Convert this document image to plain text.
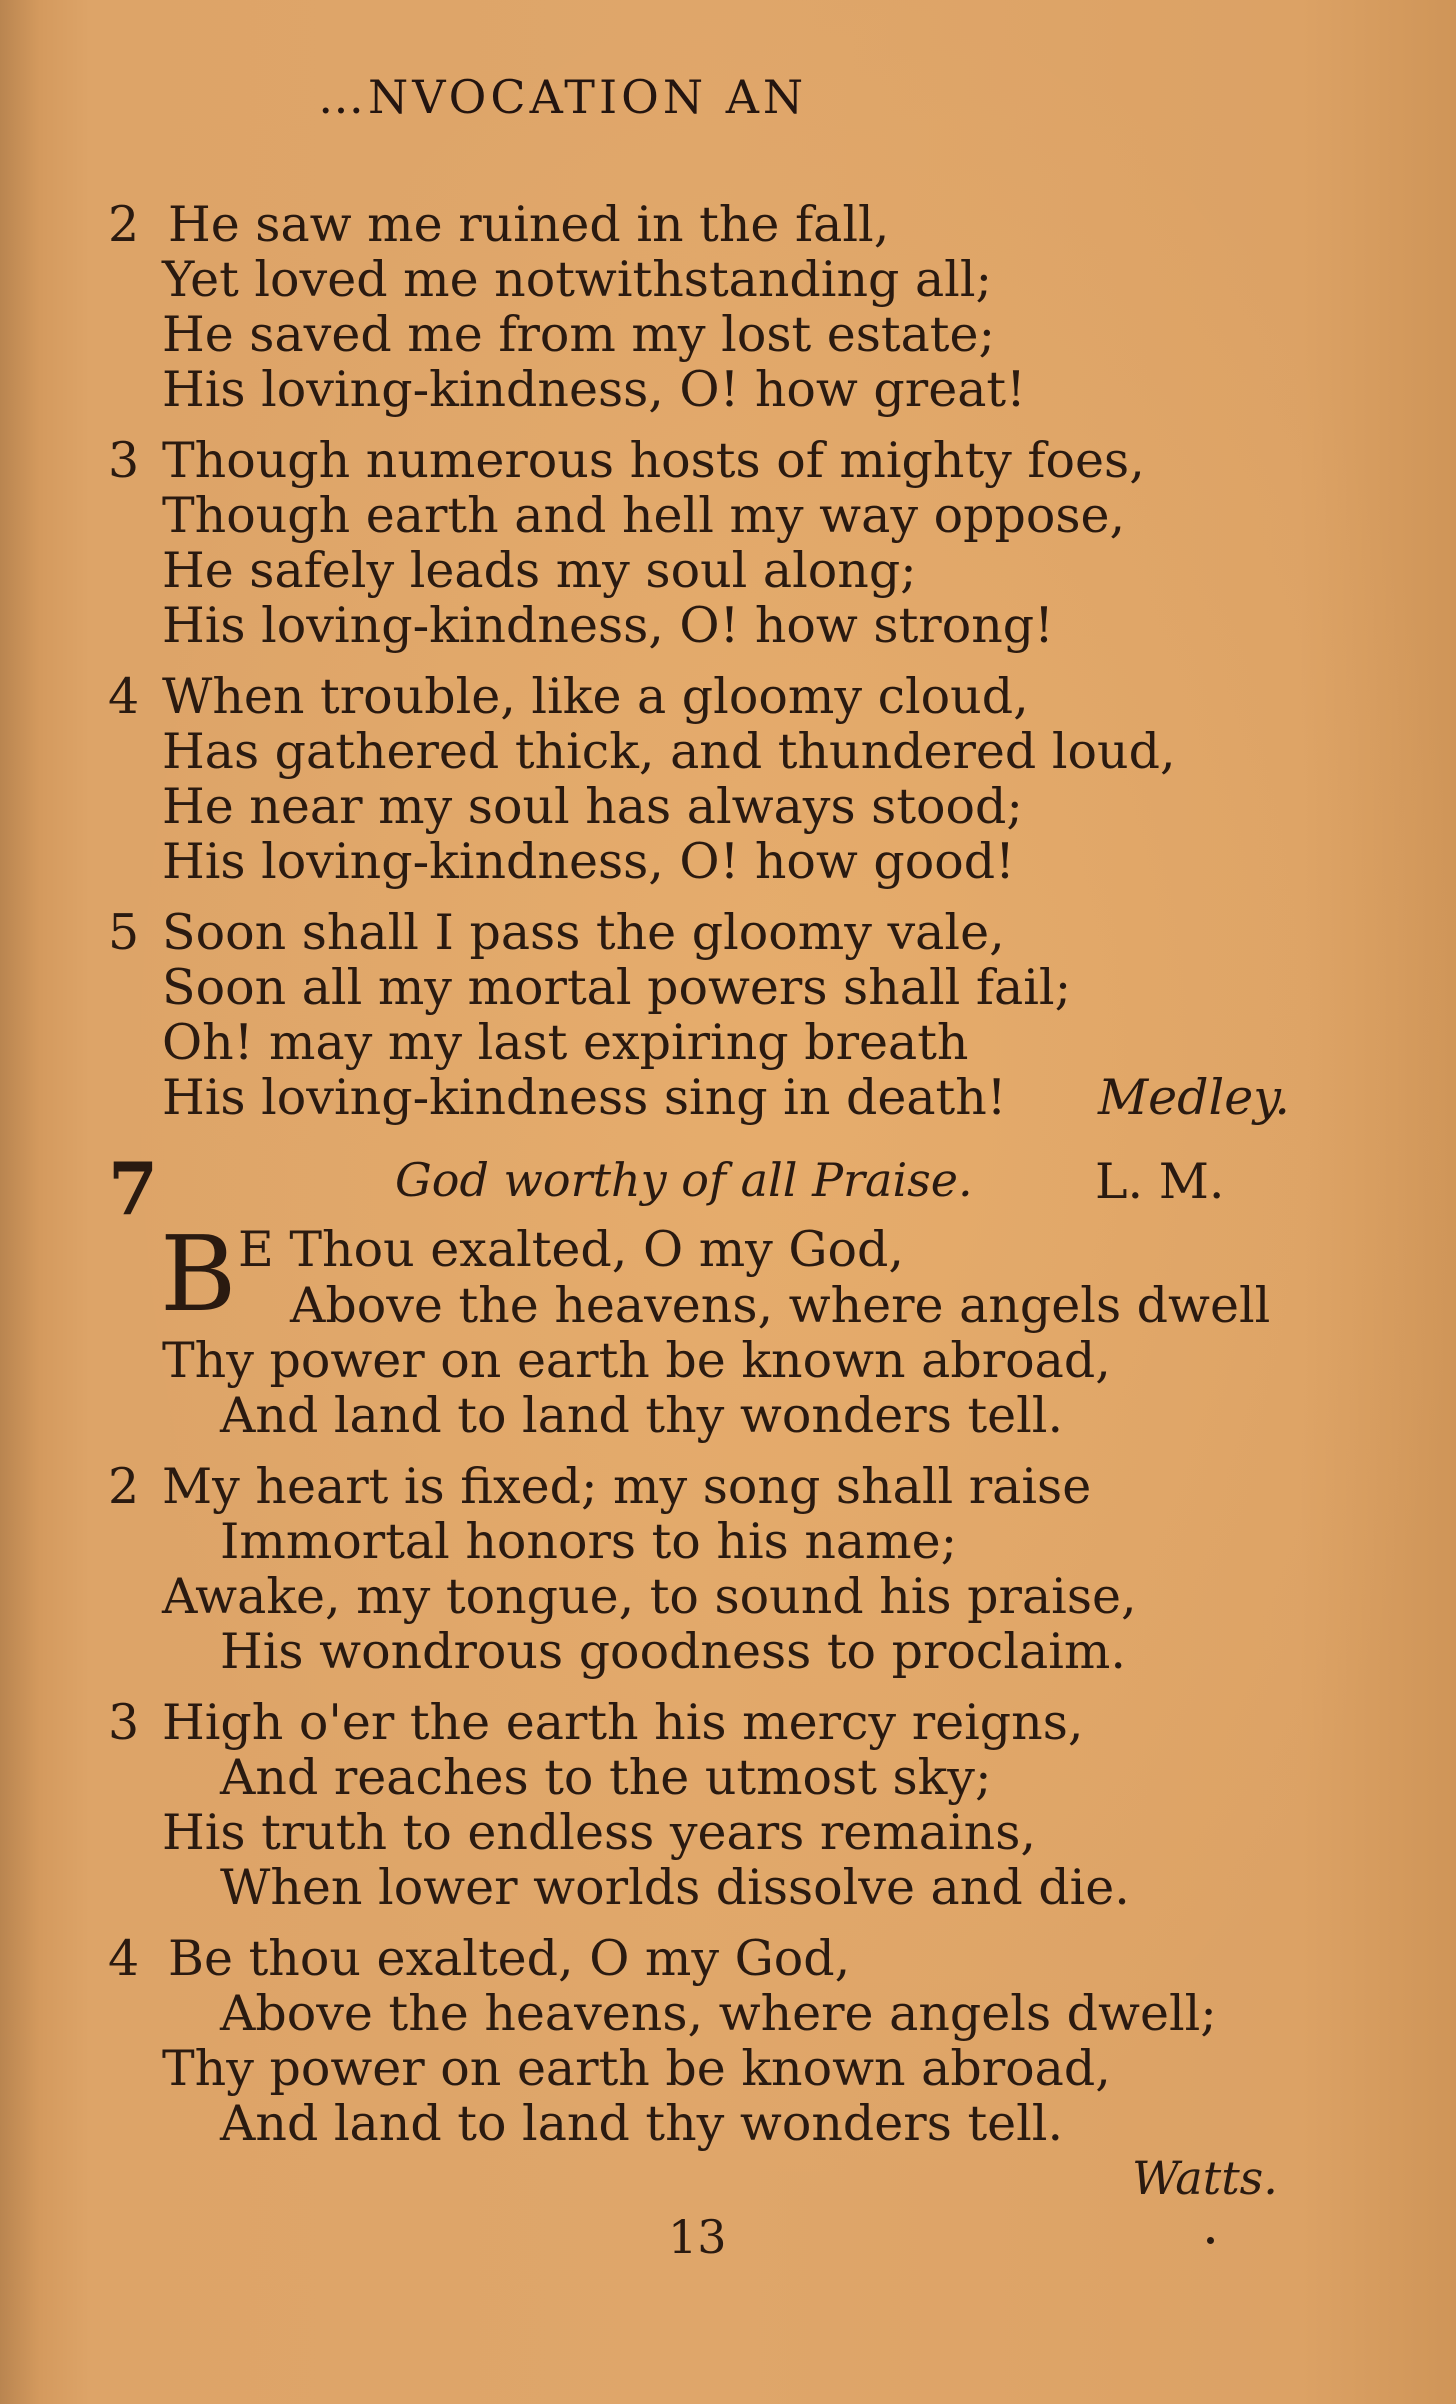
…NVOCATION AN
2 He saw me ruined in the fall,
Yet loved me notwithstanding all;
He saved me from my lost estate;
His loving-kindness, O! how great!
3 Though numerous hosts of mighty foes,
Though earth and hell my way oppose,
He safely leads my soul along;
His loving-kindness, O! how strong!
4 When trouble, like a gloomy cloud,
Has gathered thick, and thundered loud,
He near my soul has always stood;
His loving-kindness, O! how good!
5 Soon shall I pass the gloomy vale,
Soon all my mortal powers shall fail;
Oh! may my last expiring breath
His loving-kindness sing in death! Medley.
7	God worthy of all Praise. L. M.
B E Thou exalted, O my God,
Above the heavens, where angels dwell
Thy power on earth be known abroad,
And land to land thy wonders tell.
2 My heart is fixed; my song shall raise
Immortal honors to his name;
Awake, my tongue, to sound his praise,
His wondrous goodness to proclaim.
3 High o'er the earth his mercy reigns,
And reaches to the utmost sky;
His truth to endless years remains,
When lower worlds dissolve and die.
4 Be thou exalted, O my God,
Above the heavens, where angels dwell;
Thy power on earth be known abroad,
And land to land thy wonders tell.
Watts.
13
